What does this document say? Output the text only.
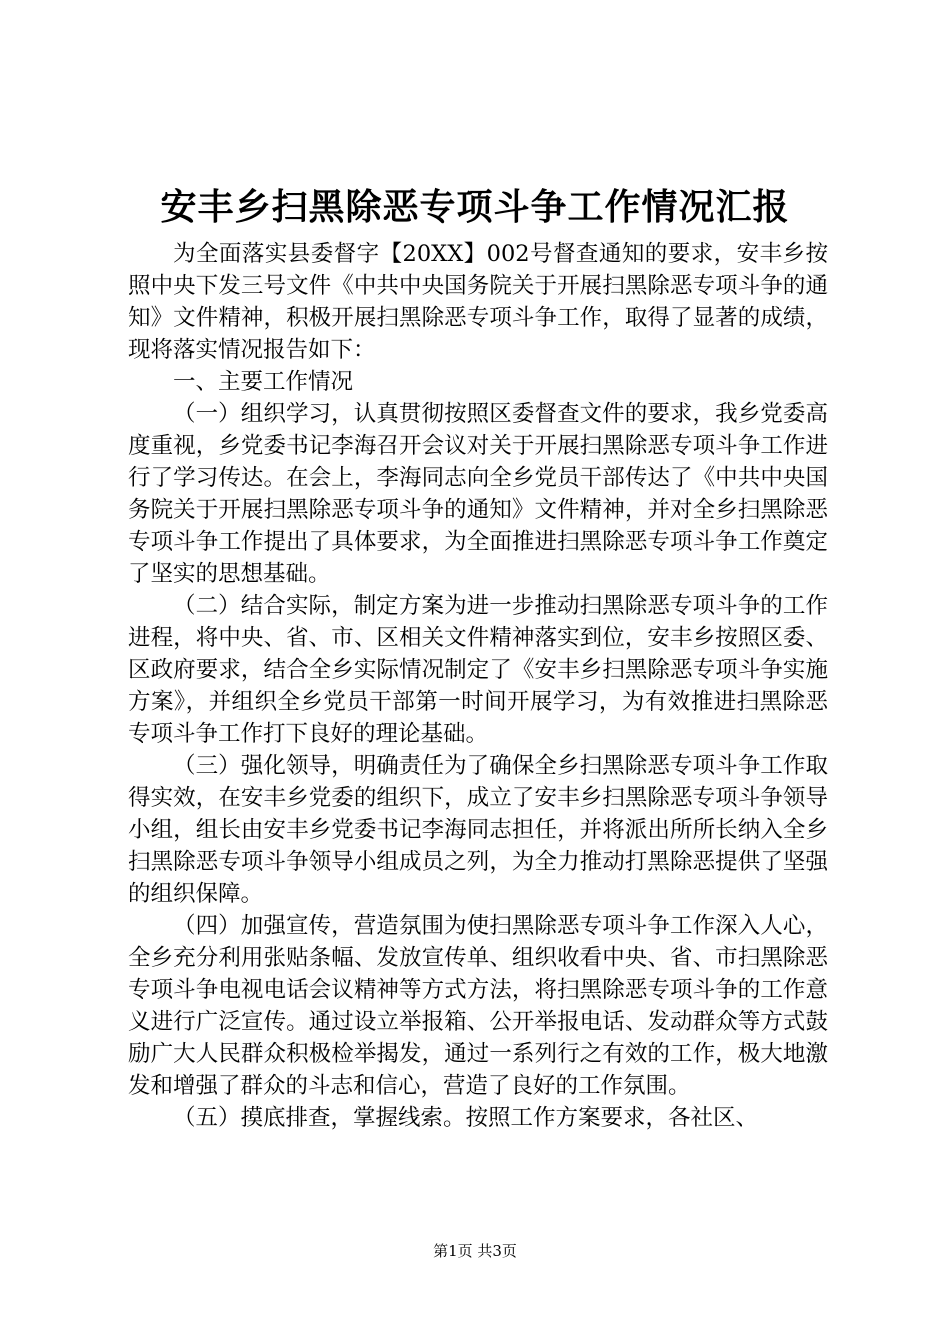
安丰乡扫黑除恶专项斗争工作情况汇报

为全面落实县委督字【20XX】002号督查通知的要求，安丰乡按照中央下发三号文件《中共中央国务院关于开展扫黑除恶专项斗争的通知》文件精神，积极开展扫黑除恶专项斗争工作，取得了显著的成绩，现将落实情况报告如下：

一、主要工作情况

（一）组织学习，认真贯彻按照区委督查文件的要求，我乡党委高度重视，乡党委书记李海召开会议对关于开展扫黑除恶专项斗争工作进行了学习传达。在会上，李海同志向全乡党员干部传达了《中共中央国务院关于开展扫黑除恶专项斗争的通知》文件精神，并对全乡扫黑除恶专项斗争工作提出了具体要求，为全面推进扫黑除恶专项斗争工作奠定了坚实的思想基础。

（二）结合实际，制定方案为进一步推动扫黑除恶专项斗争的工作进程，将中央、省、市、区相关文件精神落实到位，安丰乡按照区委、区政府要求，结合全乡实际情况制定了《安丰乡扫黑除恶专项斗争实施方案》，并组织全乡党员干部第一时间开展学习，为有效推进扫黑除恶专项斗争工作打下良好的理论基础。

（三）强化领导，明确责任为了确保全乡扫黑除恶专项斗争工作取得实效，在安丰乡党委的组织下，成立了安丰乡扫黑除恶专项斗争领导小组，组长由安丰乡党委书记李海同志担任，并将派出所所长纳入全乡扫黑除恶专项斗争领导小组成员之列，为全力推动打黑除恶提供了坚强的组织保障。

（四）加强宣传，营造氛围为使扫黑除恶专项斗争工作深入人心，全乡充分利用张贴条幅、发放宣传单、组织收看中央、省、市扫黑除恶专项斗争电视电话会议精神等方式方法，将扫黑除恶专项斗争的工作意义进行广泛宣传。通过设立举报箱、公开举报电话、发动群众等方式鼓励广大人民群众积极检举揭发，通过一系列行之有效的工作，极大地激发和增强了群众的斗志和信心，营造了良好的工作氛围。

（五）摸底排查，掌握线索。按照工作方案要求，各社区、

第1页 共3页
